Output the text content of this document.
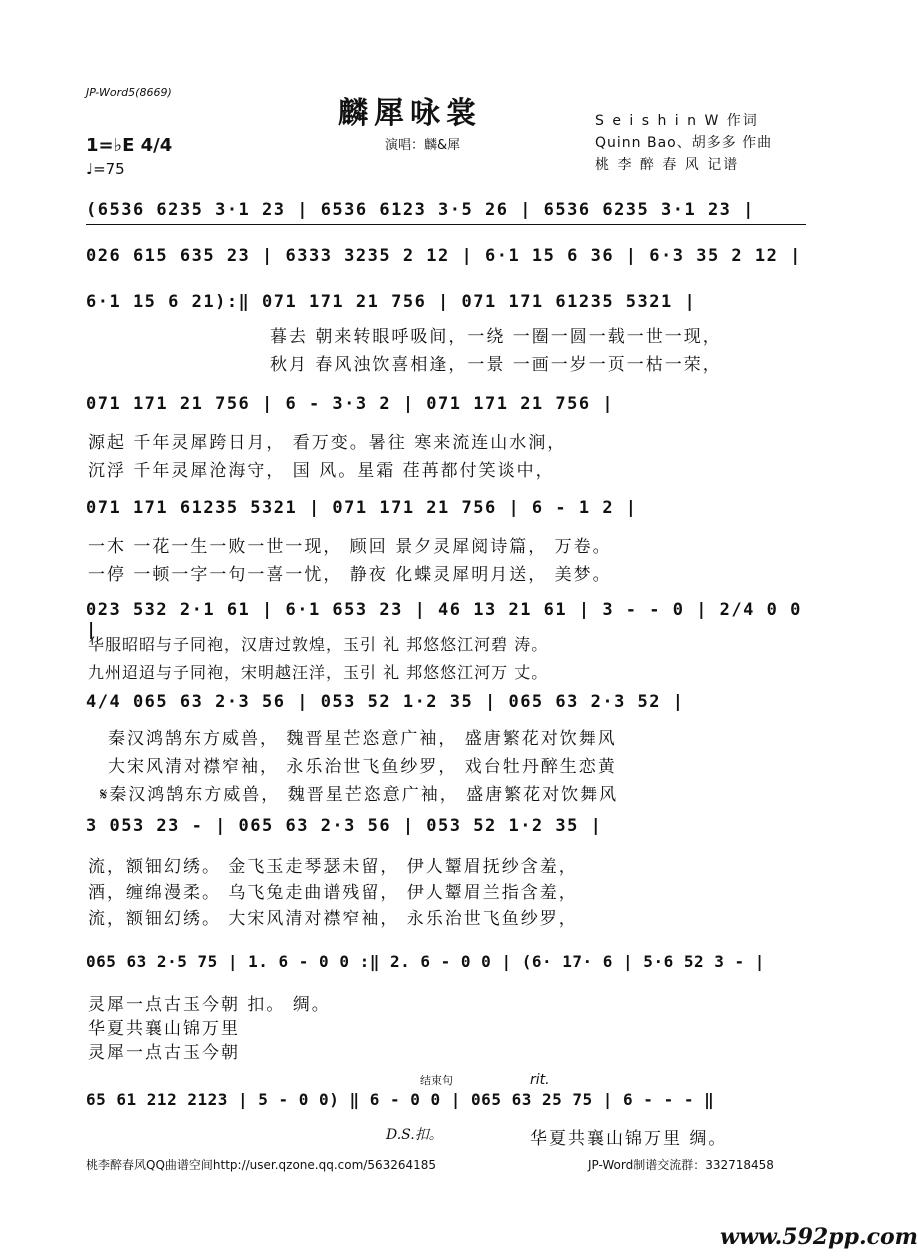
JP-Word5(8669)
麟犀咏裳
演唱：麟&犀
S e i s h i n W 作词
Quinn Bao、胡多多 作曲
桃 李 醉 春 风 记谱
1=♭E 4/4
♩=75
(6536 6235 3·1 23 | 6536 6123 3·5 26 | 6536 6235 3·1 23 |
026 615 635 23 | 6333 3235 2 12 | 6·1 15 6 36 | 6·3 35 2 12 |
6·1 15 6 21):‖ 071 171 21 756 | 071 171 61235 5321 |
暮去 朝来转眼呼吸间，一绕 一圈一圆一载一世一现，
秋月 春风浊饮喜相逢，一景 一画一岁一页一枯一荣，
071 171 21 756 | 6 - 3·3 2 | 071 171 21 756 |
源起 千年灵犀跨日月， 看万变。暑往 寒来流连山水涧，
沉浮 千年灵犀沧海守， 国 风。星霜 荏苒都付笑谈中，
071 171 61235 5321 | 071 171 21 756 | 6 - 1 2 |
一木 一花一生一败一世一现， 顾回 景夕灵犀阅诗篇， 万卷。
一停 一顿一字一句一喜一忧， 静夜 化蝶灵犀明月送， 美梦。
023 532 2·1 61 | 6·1 653 23 | 46 13 21 61 | 3 - - 0 | 2/4 0 0 |
华服昭昭与子同袍，汉唐过敦煌，玉引 礼 邦悠悠江河碧 涛。
九州迢迢与子同袍，宋明越汪洋，玉引 礼 邦悠悠江河万 丈。
4/4 065 63 2·3 56 | 053 52 1·2 35 | 065 63 2·3 52 |
秦汉鸿鹄东方威兽， 魏晋星芒恣意广袖， 盛唐繁花对饮舞风
大宋风清对襟窄袖， 永乐治世飞鱼纱罗， 戏台牡丹醉生恋黄
𝄋秦汉鸿鹄东方威兽， 魏晋星芒恣意广袖， 盛唐繁花对饮舞风
3 053 23 - | 065 63 2·3 56 | 053 52 1·2 35 |
流，额钿幻绣。 金飞玉走琴瑟未留， 伊人颦眉抚纱含羞，
酒，缠绵漫柔。 乌飞兔走曲谱残留， 伊人颦眉兰指含羞，
流，额钿幻绣。 大宋风清对襟窄袖， 永乐治世飞鱼纱罗，
065 63 2·5 75 | 1. 6 - 0 0 :‖ 2. 6 - 0 0 | (6· 17· 6 | 5·6 52 3 - |
灵犀一点古玉今朝 扣。 绸。
华夏共襄山锦万里
灵犀一点古玉今朝
结束句	rit.
65 61 212 2123 | 5 - 0 0) ‖ 6 - 0 0 | 065 63 25 75 | 6 - - - ‖
D.S.扣。	华夏共襄山锦万里 绸。
桃李醉春风QQ曲谱空间http://user.qzone.qq.com/563264185	JP-Word制谱交流群：332718458
www.592pp.com
